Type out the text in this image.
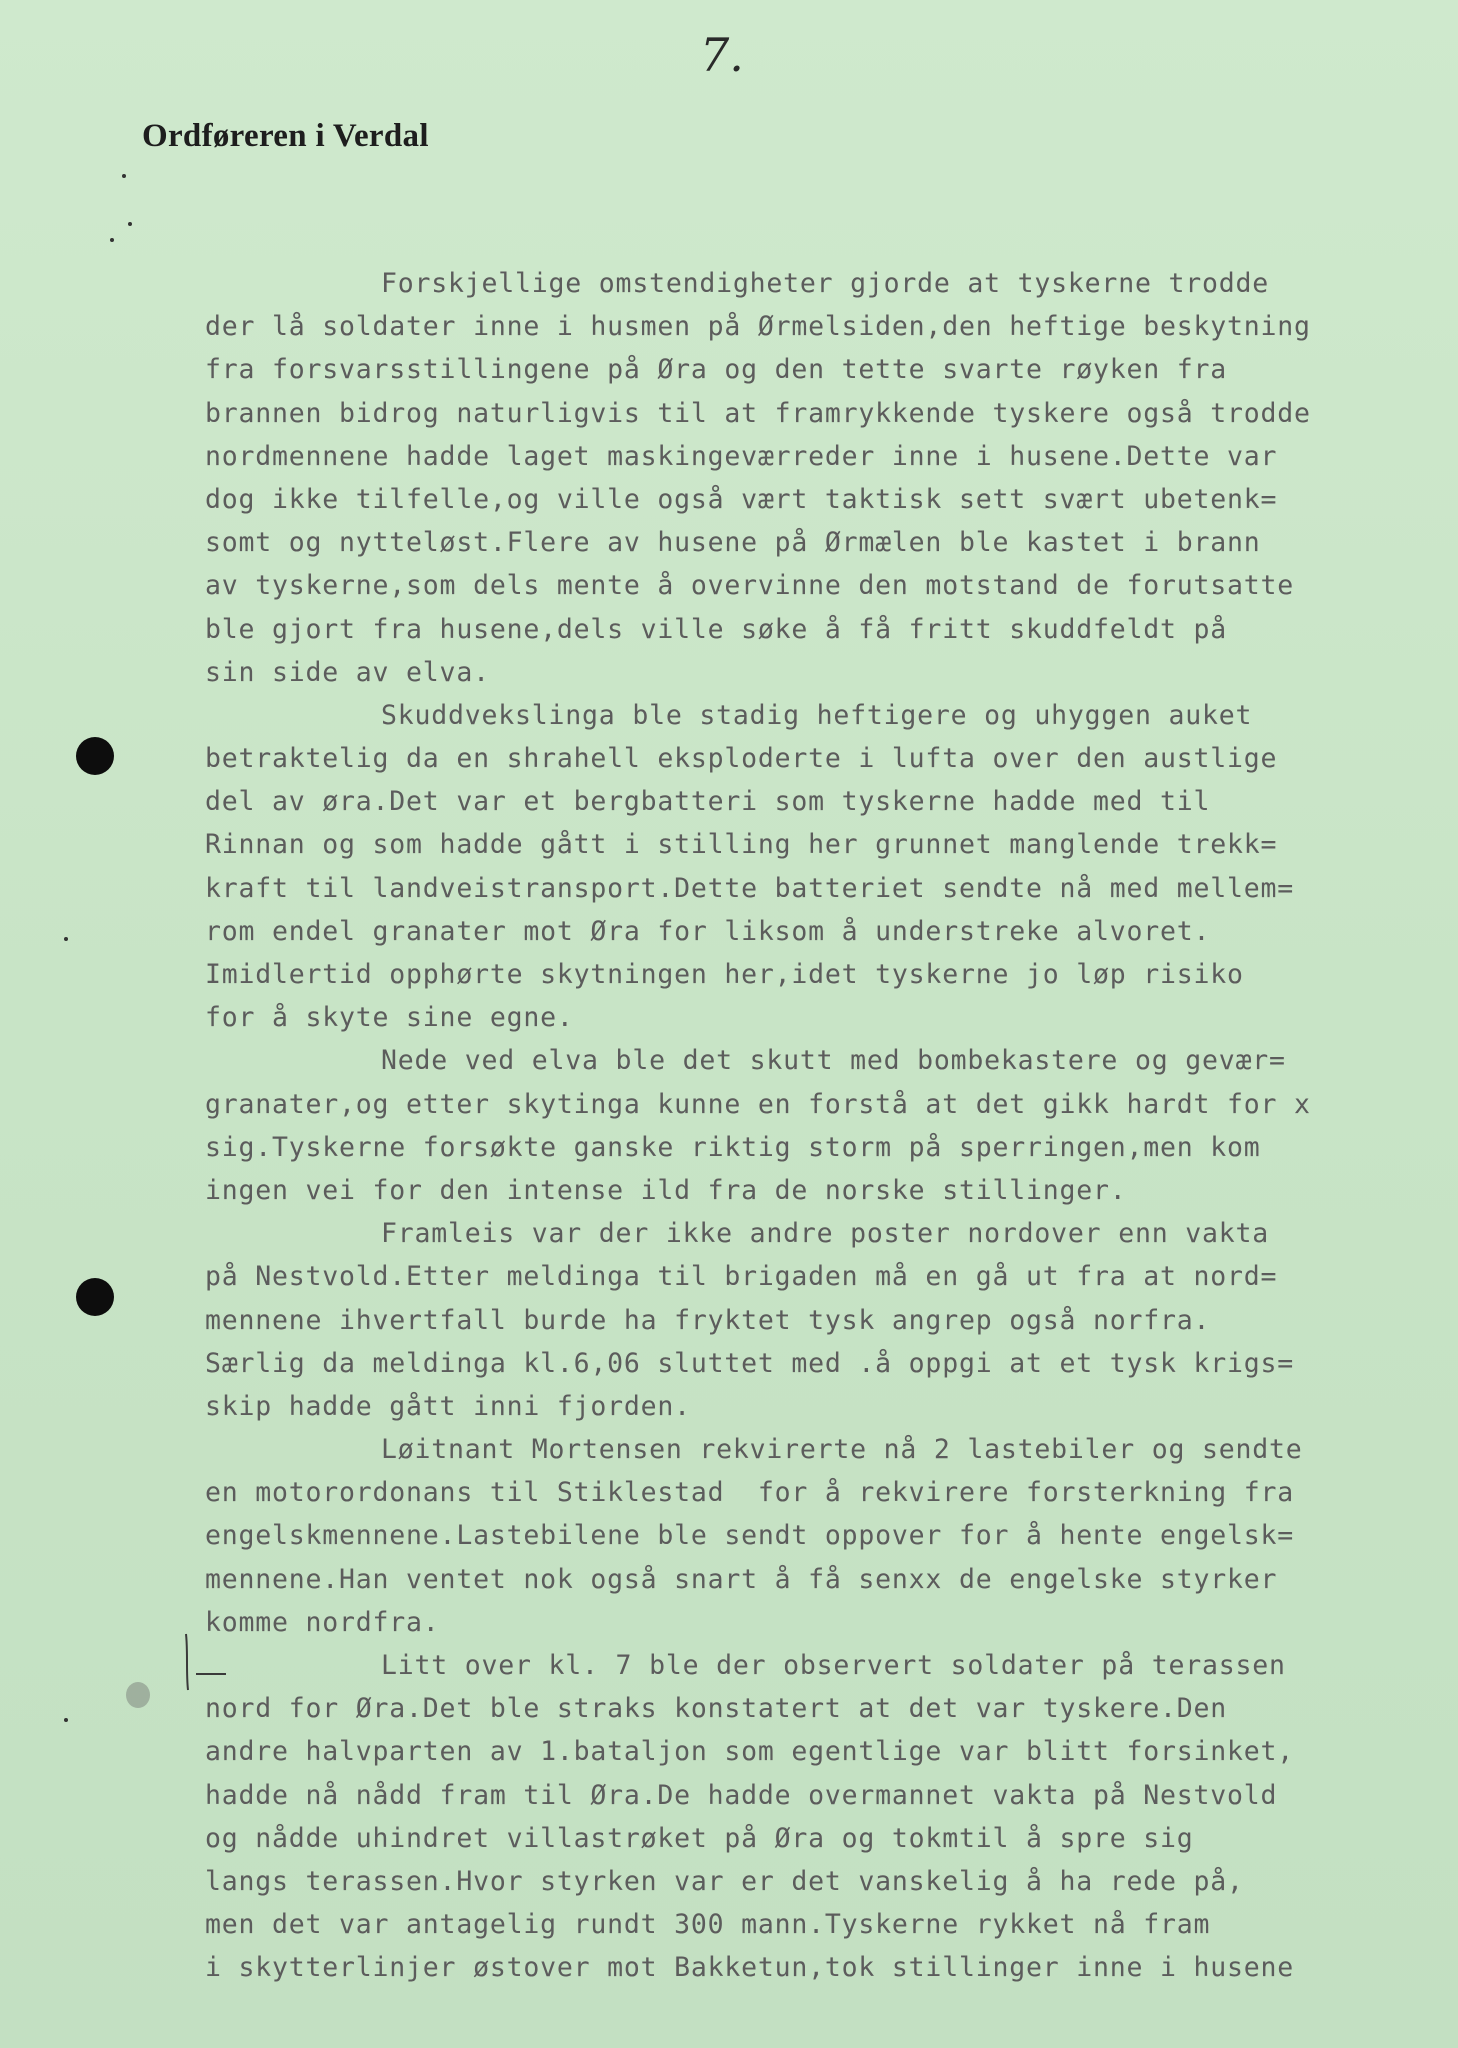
7.
Ordføreren i Verdal
Forskjellige omstendigheter gjorde at tyskerne trodde
der lå soldater inne i husmen på Ørmelsiden,den heftige beskytning
fra forsvarsstillingene på Øra og den tette svarte røyken fra
brannen bidrog naturligvis til at framrykkende tyskere også trodde
nordmennene hadde laget maskingeværreder inne i husene.Dette var
dog ikke tilfelle,og ville også vært taktisk sett svært ubetenk=
somt og nytteløst.Flere av husene på Ørmælen ble kastet i brann
av tyskerne,som dels mente å overvinne den motstand de forutsatte
ble gjort fra husene,dels ville søke å få fritt skuddfeldt på
sin side av elva.
Skuddvekslinga ble stadig heftigere og uhyggen auket
betraktelig da en shrahell eksploderte i lufta over den austlige
del av øra.Det var et bergbatteri som tyskerne hadde med til
Rinnan og som hadde gått i stilling her grunnet manglende trekk=
kraft til landveistransport.Dette batteriet sendte nå med mellem=
rom endel granater mot Øra for liksom å understreke alvoret.
Imidlertid opphørte skytningen her,idet tyskerne jo løp risiko
for å skyte sine egne.
Nede ved elva ble det skutt med bombekastere og gevær=
granater,og etter skytinga kunne en forstå at det gikk hardt for x
sig.Tyskerne forsøkte ganske riktig storm på sperringen,men kom
ingen vei for den intense ild fra de norske stillinger.
Framleis var der ikke andre poster nordover enn vakta
på Nestvold.Etter meldinga til brigaden må en gå ut fra at nord=
mennene ihvertfall burde ha fryktet tysk angrep også norfra.
Særlig da meldinga kl.6,06 sluttet med .å oppgi at et tysk krigs=
skip hadde gått inni fjorden.
Løitnant Mortensen rekvirerte nå 2 lastebiler og sendte
en motorordonans til Stiklestad  for å rekvirere forsterkning fra
engelskmennene.Lastebilene ble sendt oppover for å hente engelsk=
mennene.Han ventet nok også snart å få senxx de engelske styrker
komme nordfra.
Litt over kl. 7 ble der observert soldater på terassen
nord for Øra.Det ble straks konstatert at det var tyskere.Den
andre halvparten av 1.bataljon som egentlige var blitt forsinket,
hadde nå nådd fram til Øra.De hadde overmannet vakta på Nestvold
og nådde uhindret villastrøket på Øra og tokmtil å spre sig
langs terassen.Hvor styrken var er det vanskelig å ha rede på,
men det var antagelig rundt 300 mann.Tyskerne rykket nå fram
i skytterlinjer østover mot Bakketun,tok stillinger inne i husene
